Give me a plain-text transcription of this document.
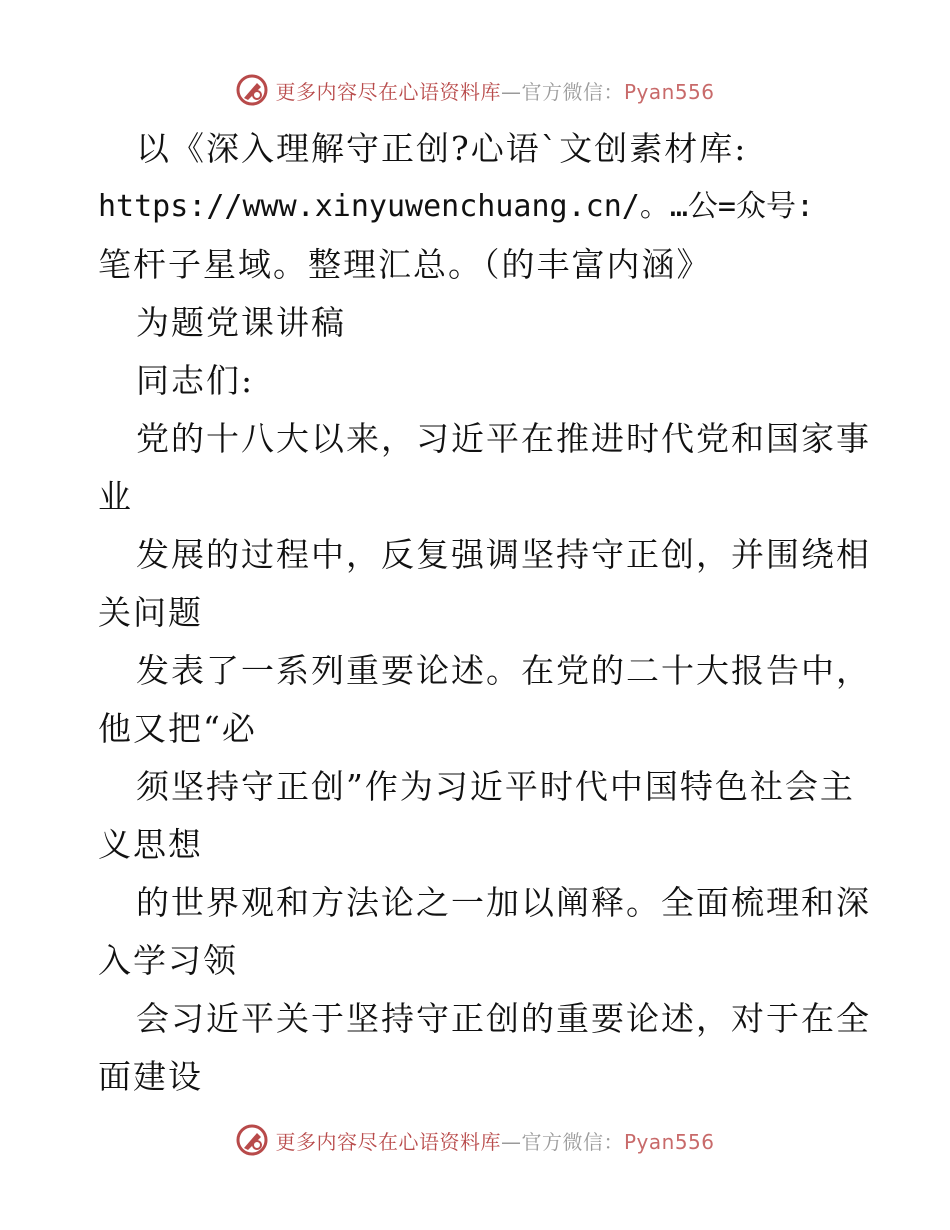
更多内容尽在心语资料库—官方微信：Pyan556
以《深入理解守正创?心语`文创素材库:
https://www.xinyuwenchuang.cn/。…公=众号:
笔杆子星域。整理汇总。（的丰富内涵》
为题党课讲稿
同志们:
党的十八大以来，习近平在推进时代党和国家事
业
发展的过程中，反复强调坚持守正创，并围绕相
关问题
发表了一系列重要论述。在党的二十大报告中，
他又把“必
须坚持守正创”作为习近平时代中国特色社会主
义思想
的世界观和方法论之一加以阐释。全面梳理和深
入学习领
会习近平关于坚持守正创的重要论述，对于在全
面建设
更多内容尽在心语资料库—官方微信：Pyan556
